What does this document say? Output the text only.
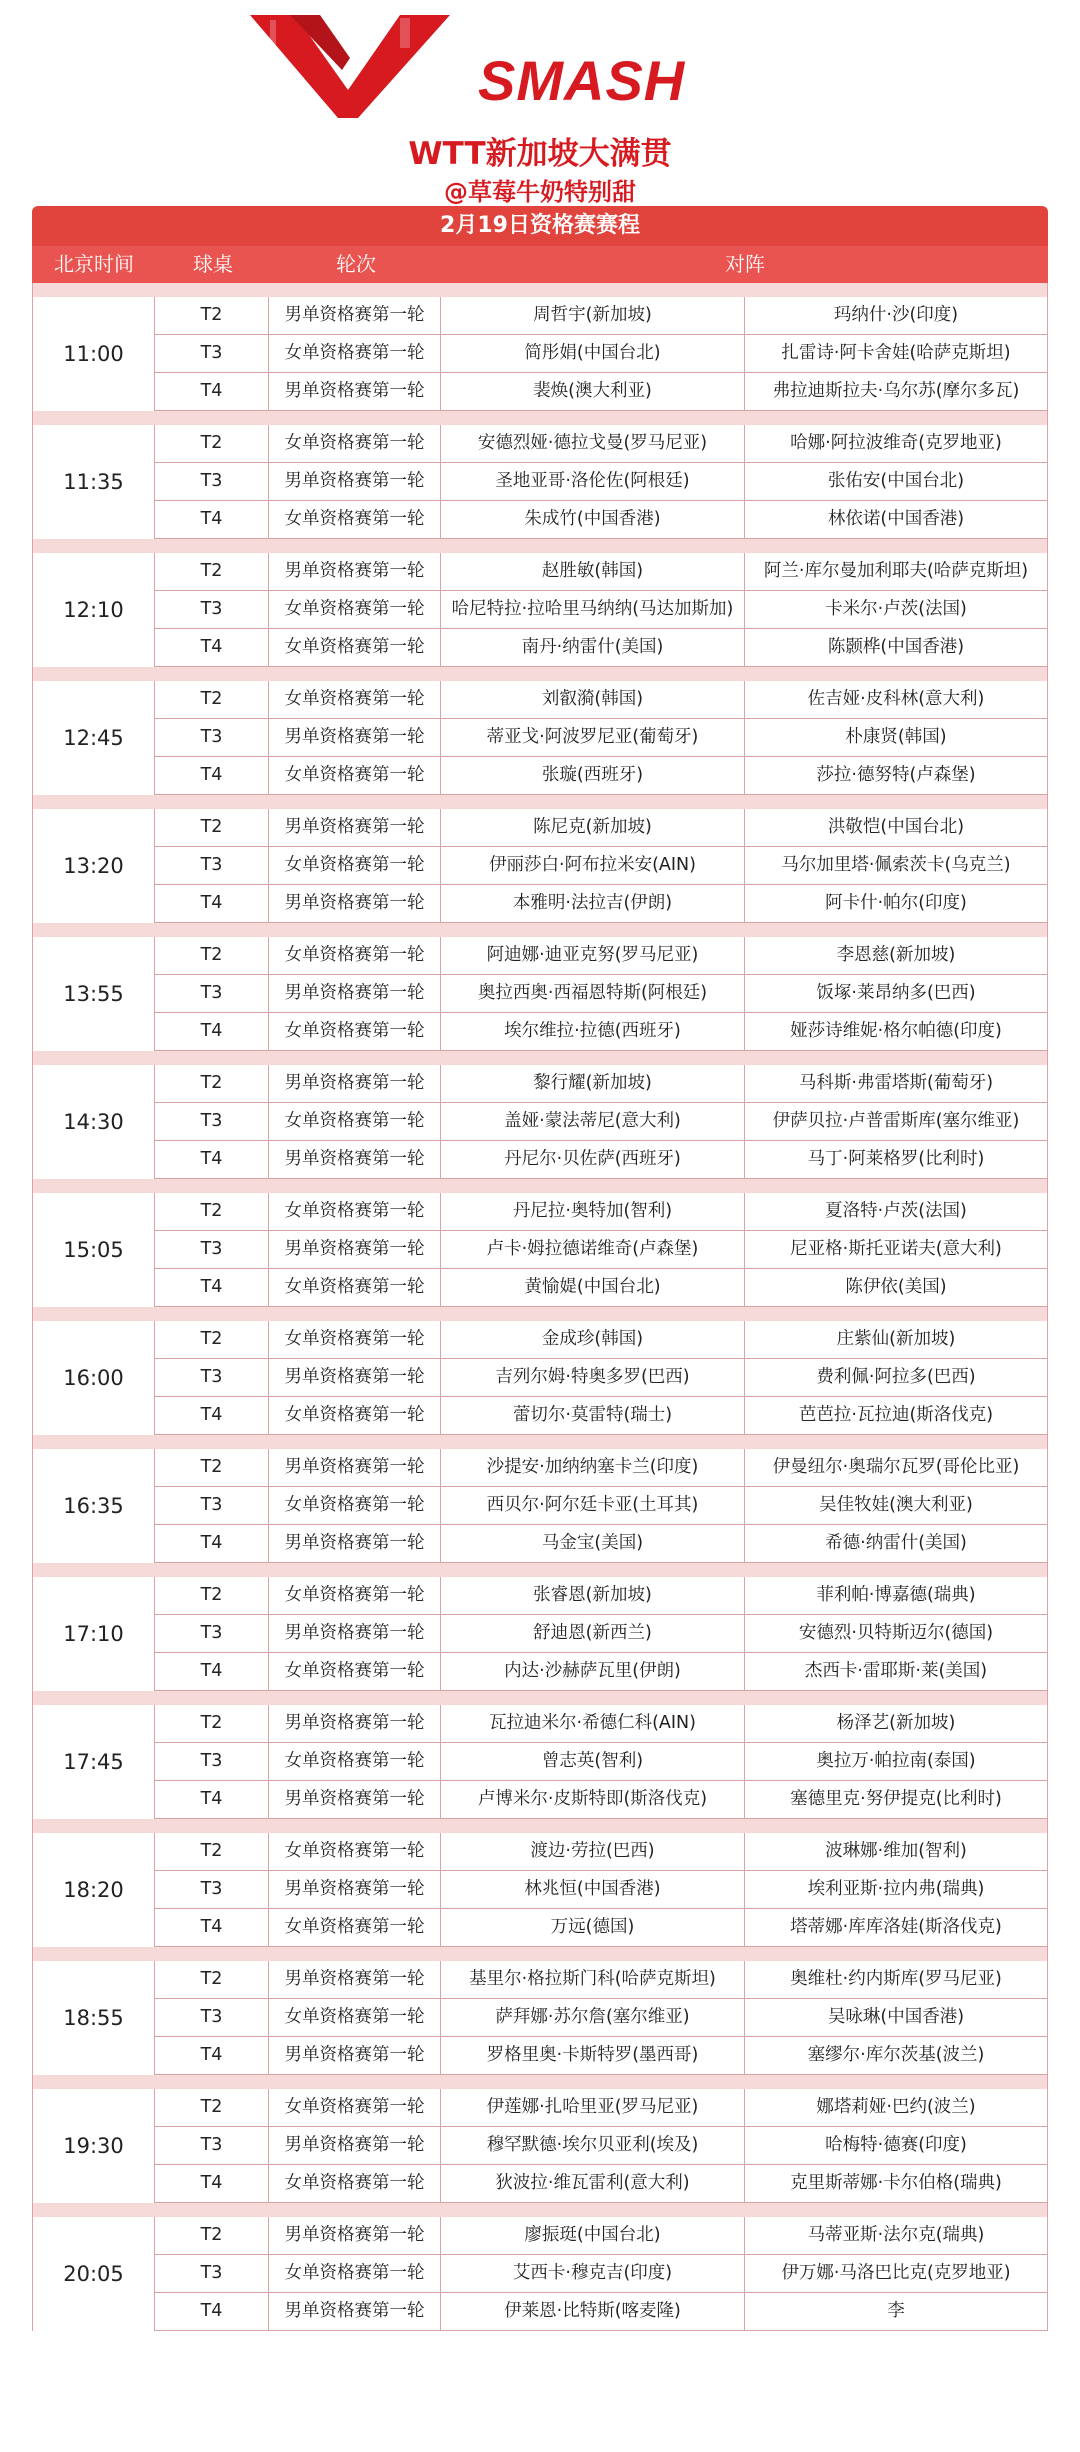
SMASH
WTT新加坡大满贯
@草莓牛奶特别甜
2月19日资格赛赛程
北京时间	球桌	轮次	对阵
11:00
T2	男单资格赛第一轮	周哲宇(新加坡)	玛纳什·沙(印度)
T3	女单资格赛第一轮	简彤娟(中国台北)	扎雷诗·阿卡舍娃(哈萨克斯坦)
T4	男单资格赛第一轮	裴焕(澳大利亚)	弗拉迪斯拉夫·乌尔苏(摩尔多瓦)
11:35
T2	女单资格赛第一轮	安德烈娅·德拉戈曼(罗马尼亚)	哈娜·阿拉波维奇(克罗地亚)
T3	男单资格赛第一轮	圣地亚哥·洛伦佐(阿根廷)	张佑安(中国台北)
T4	女单资格赛第一轮	朱成竹(中国香港)	林依诺(中国香港)
12:10
T2	男单资格赛第一轮	赵胜敏(韩国)	阿兰·库尔曼加利耶夫(哈萨克斯坦)
T3	女单资格赛第一轮	哈尼特拉·拉哈里马纳纳(马达加斯加)	卡米尔·卢茨(法国)
T4	女单资格赛第一轮	南丹·纳雷什(美国)	陈颢桦(中国香港)
12:45
T2	女单资格赛第一轮	刘叡漪(韩国)	佐吉娅·皮科林(意大利)
T3	男单资格赛第一轮	蒂亚戈·阿波罗尼亚(葡萄牙)	朴康贤(韩国)
T4	女单资格赛第一轮	张璇(西班牙)	莎拉·德努特(卢森堡)
13:20
T2	男单资格赛第一轮	陈尼克(新加坡)	洪敬恺(中国台北)
T3	女单资格赛第一轮	伊丽莎白·阿布拉米安(AIN)	马尔加里塔·佩索茨卡(乌克兰)
T4	男单资格赛第一轮	本雅明·法拉吉(伊朗)	阿卡什·帕尔(印度)
13:55
T2	女单资格赛第一轮	阿迪娜·迪亚克努(罗马尼亚)	李恩慈(新加坡)
T3	男单资格赛第一轮	奥拉西奥·西福恩特斯(阿根廷)	饭塚·莱昂纳多(巴西)
T4	女单资格赛第一轮	埃尔维拉·拉德(西班牙)	娅莎诗维妮·格尔帕德(印度)
14:30
T2	男单资格赛第一轮	黎行耀(新加坡)	马科斯·弗雷塔斯(葡萄牙)
T3	女单资格赛第一轮	盖娅·蒙法蒂尼(意大利)	伊萨贝拉·卢普雷斯库(塞尔维亚)
T4	男单资格赛第一轮	丹尼尔·贝佐萨(西班牙)	马丁·阿莱格罗(比利时)
15:05
T2	女单资格赛第一轮	丹尼拉·奥特加(智利)	夏洛特·卢茨(法国)
T3	男单资格赛第一轮	卢卡·姆拉德诺维奇(卢森堡)	尼亚格·斯托亚诺夫(意大利)
T4	女单资格赛第一轮	黄愉媞(中国台北)	陈伊依(美国)
16:00
T2	女单资格赛第一轮	金成珍(韩国)	庄紫仙(新加坡)
T3	男单资格赛第一轮	吉列尔姆·特奥多罗(巴西)	费利佩·阿拉多(巴西)
T4	女单资格赛第一轮	蕾切尔·莫雷特(瑞士)	芭芭拉·瓦拉迪(斯洛伐克)
16:35
T2	男单资格赛第一轮	沙提安·加纳纳塞卡兰(印度)	伊曼纽尔·奥瑞尔瓦罗(哥伦比亚)
T3	女单资格赛第一轮	西贝尔·阿尔廷卡亚(土耳其)	吴佳牧娃(澳大利亚)
T4	男单资格赛第一轮	马金宝(美国)	希德·纳雷什(美国)
17:10
T2	女单资格赛第一轮	张睿恩(新加坡)	菲利帕·博嘉德(瑞典)
T3	男单资格赛第一轮	舒迪恩(新西兰)	安德烈·贝特斯迈尔(德国)
T4	女单资格赛第一轮	内达·沙赫萨瓦里(伊朗)	杰西卡·雷耶斯·莱(美国)
17:45
T2	男单资格赛第一轮	瓦拉迪米尔·希德仁科(AIN)	杨泽艺(新加坡)
T3	女单资格赛第一轮	曾志英(智利)	奥拉万·帕拉南(泰国)
T4	男单资格赛第一轮	卢博米尔·皮斯特即(斯洛伐克)	塞德里克·努伊提克(比利时)
18:20
T2	女单资格赛第一轮	渡边·劳拉(巴西)	波琳娜·维加(智利)
T3	男单资格赛第一轮	林兆恒(中国香港)	埃利亚斯·拉内弗(瑞典)
T4	女单资格赛第一轮	万远(德国)	塔蒂娜·库库洛娃(斯洛伐克)
18:55
T2	男单资格赛第一轮	基里尔·格拉斯门科(哈萨克斯坦)	奥维杜·约内斯库(罗马尼亚)
T3	女单资格赛第一轮	萨拜娜·苏尔詹(塞尔维亚)	吴咏琳(中国香港)
T4	男单资格赛第一轮	罗格里奥·卡斯特罗(墨西哥)	塞缪尔·库尔茨基(波兰)
19:30
T2	女单资格赛第一轮	伊莲娜·扎哈里亚(罗马尼亚)	娜塔莉娅·巴约(波兰)
T3	男单资格赛第一轮	穆罕默德·埃尔贝亚利(埃及)	哈梅特·德赛(印度)
T4	女单资格赛第一轮	狄波拉·维瓦雷利(意大利)	克里斯蒂娜·卡尔伯格(瑞典)
20:05
T2	男单资格赛第一轮	廖振珽(中国台北)	马蒂亚斯·法尔克(瑞典)
T3	女单资格赛第一轮	艾西卡·穆克吉(印度)	伊万娜·马洛巴比克(克罗地亚)
T4	男单资格赛第一轮	伊莱恩·比特斯(喀麦隆)	李
